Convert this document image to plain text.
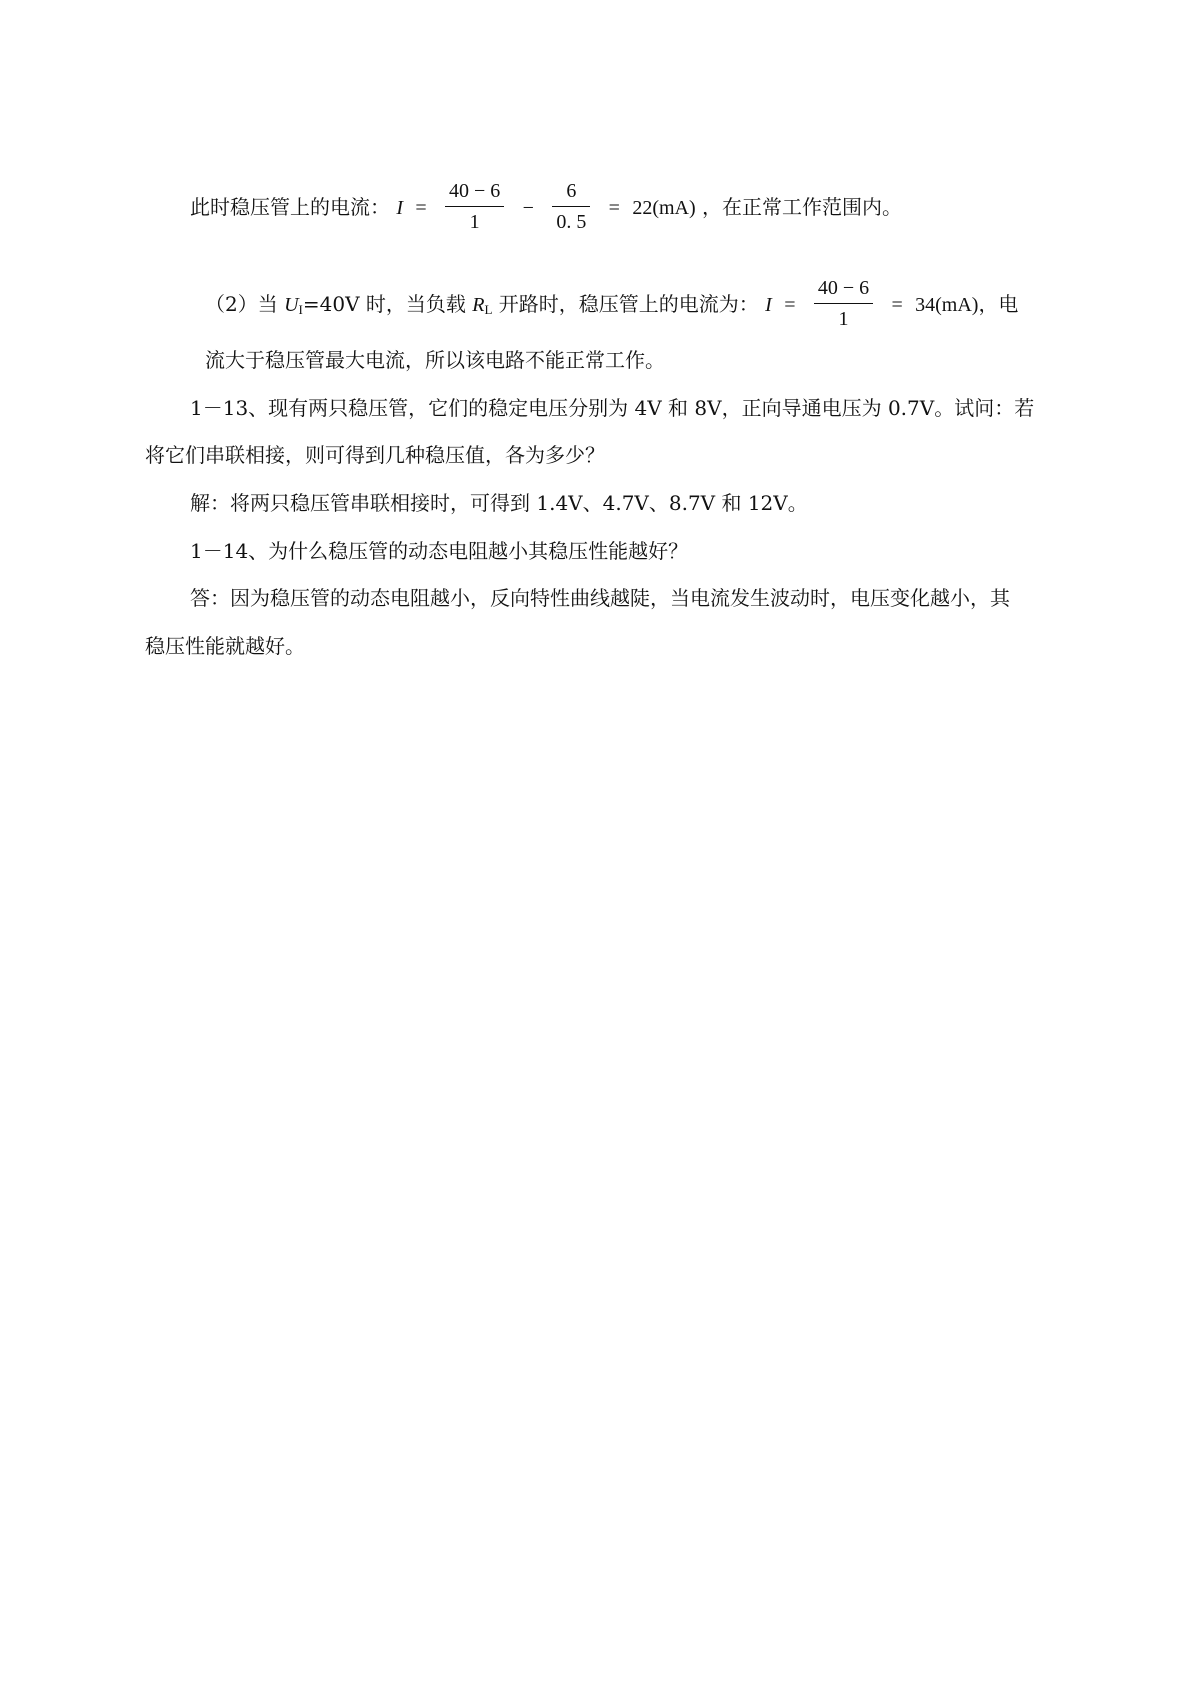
此时稳压管上的电流： $I = \frac{40 - 6}{1} - \frac{6}{0. 5} = 22(mA)$ ，在正常工作范围内。
（2）当 $U_I=40V$ 时，当负载 $R_L$ 开路时，稳压管上的电流为： $I = \frac{40 - 6}{1} = 34(mA)$，电
流大于稳压管最大电流，所以该电路不能正常工作。
1－13、现有两只稳压管，它们的稳定电压分别为 4V 和 8V，正向导通电压为 0.7V。试问：若
将它们串联相接，则可得到几种稳压值，各为多少？
解：将两只稳压管串联相接时，可得到 1.4V、4.7V、8.7V 和 12V。
1－14、为什么稳压管的动态电阻越小其稳压性能越好？
答：因为稳压管的动态电阻越小，反向特性曲线越陡，当电流发生波动时，电压变化越小，其
稳压性能就越好。
